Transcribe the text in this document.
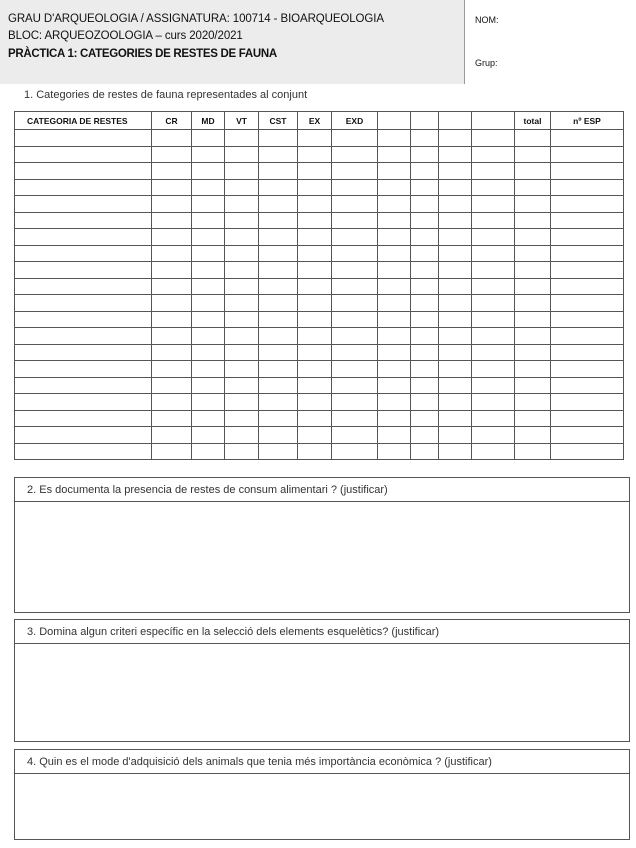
GRAU D'ARQUEOLOGIA / ASSIGNATURA: 100714 - BIOARQUEOLOGIA
BLOC: ARQUEOZOOLOGIA – curs 2020/2021
PRÀCTICA 1: CATEGORIES DE RESTES DE FAUNA
NOM:
Grup:
1. Categories de restes de fauna representades al conjunt
CATEGORIA DE RESTES	CR	MD	VT	CST	EX	EXD					total	nº ESP

2. Es documenta la presencia de restes de consum alimentari ? (justificar)
3. Domina algun criteri específic en la selecció dels elements esquelètics? (justificar)
4. Quin es el mode d'adquisició dels animals que tenia més importància econòmica ? (justificar)
